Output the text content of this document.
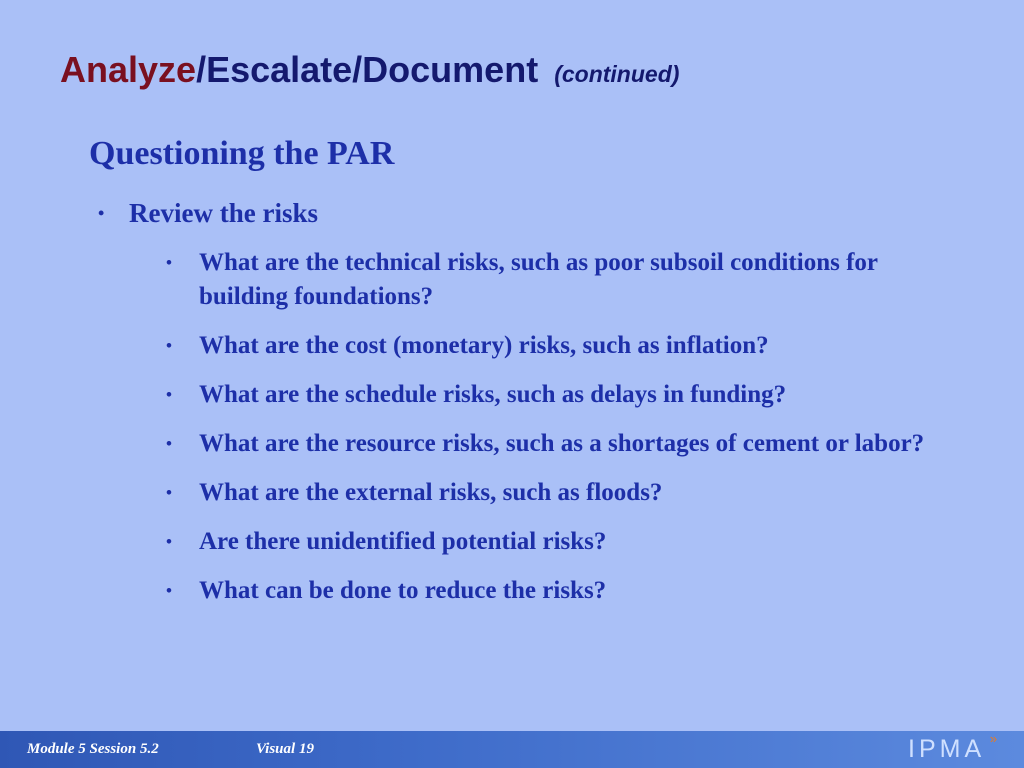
Analyze/Escalate/Document (continued)
Questioning the PAR
• Review the risks
• What are the technical risks, such as poor subsoil conditions for building foundations?
• What are the cost (monetary) risks, such as inflation?
• What are the schedule risks, such as delays in funding?
• What are the resource risks, such as a shortages of cement or labor?
• What are the external risks, such as floods?
• Are there unidentified potential risks?
• What can be done to reduce the risks?
Module 5 Session 5.2	Visual 19	IPMA »
